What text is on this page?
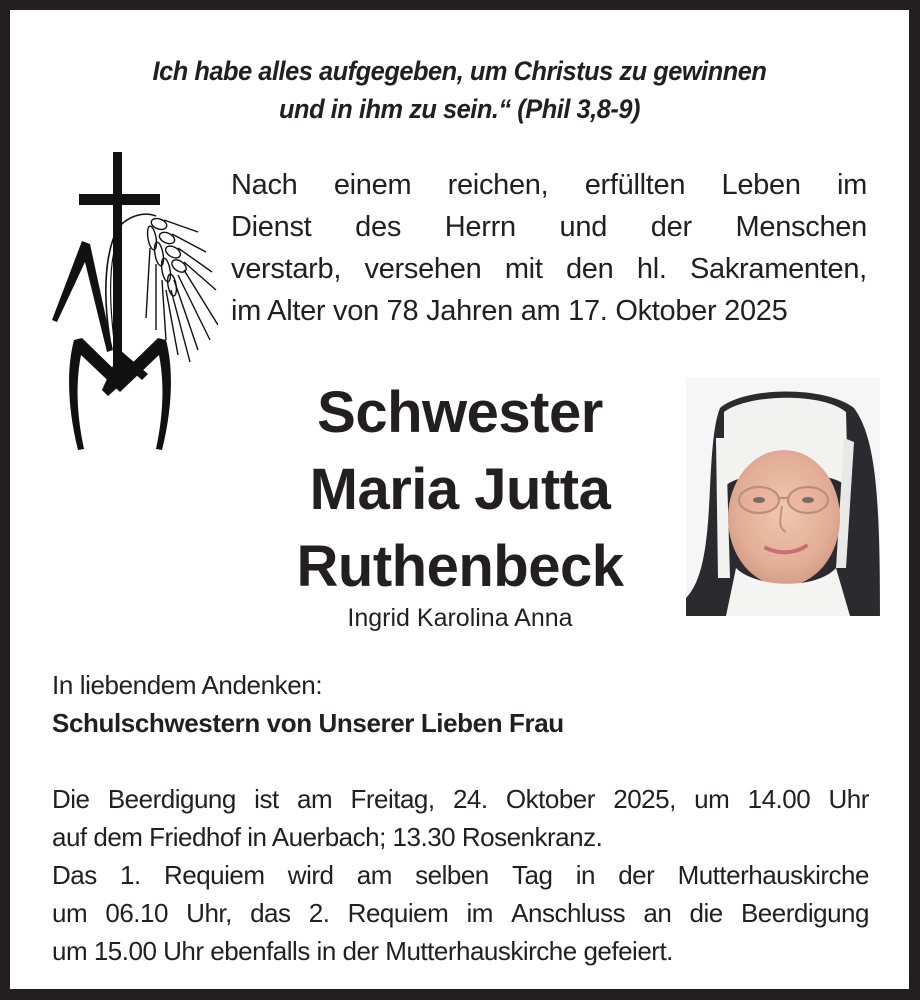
Ich habe alles aufgegeben, um Christus zu gewinnen
und in ihm zu sein.“ (Phil 3,8-9)
Nach einem reichen, erfüllten Leben im
Dienst des Herrn und der Menschen
verstarb, versehen mit den hl. Sakramenten,
im Alter von 78 Jahren am 17. Oktober 2025
Schwester
Maria Jutta
Ruthenbeck
Ingrid Karolina Anna
In liebendem Andenken:
Schulschwestern von Unserer Lieben Frau
Die Beerdigung ist am Freitag, 24. Oktober 2025, um 14.00 Uhr
auf dem Friedhof in Auerbach; 13.30 Rosenkranz.
Das 1. Requiem wird am selben Tag in der Mutterhauskirche
um 06.10 Uhr, das 2. Requiem im Anschluss an die Beerdigung
um 15.00 Uhr ebenfalls in der Mutterhauskirche gefeiert.
